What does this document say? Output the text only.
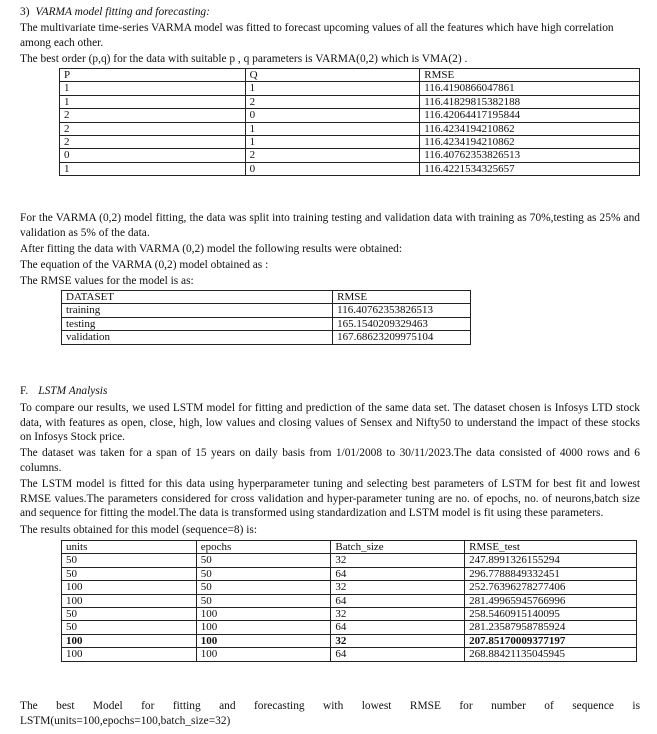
3) VARMA model fitting and forecasting:
The multivariate time-series VARMA model was fitted to forecast upcoming values of all the features which have high correlation among each other.
The best order (p,q) for the data with suitable p , q parameters is VARMA(0,2) which is VMA(2) .
P	Q	RMSE
1	1	116.4190866047861
1	2	116.41829815382188
2	0	116.42064417195844
2	1	116.4234194210862
2	1	116.4234194210862
0	2	116.40762353826513
1	0	116.4221534325657
For the VARMA (0,2) model fitting, the data was split into training testing and validation data with training as 70%,testing as 25% and validation as 5% of the data.
After fitting the data with VARMA (0,2) model the following results were obtained:
The equation of the VARMA (0,2) model obtained as :
The RMSE values for the model is as:
DATASET	RMSE
training	116.40762353826513
testing	165.1540209329463
validation	167.68623209975104
F. LSTM Analysis
To compare our results, we used LSTM model for fitting and prediction of the same data set. The dataset chosen is Infosys LTD stock data, with features as open, close, high, low values and closing values of Sensex and Nifty50 to understand the impact of these stocks on Infosys Stock price.
The dataset was taken for a span of 15 years on daily basis from 1/01/2008 to 30/11/2023.The data consisted of 4000 rows and 6 columns.
The LSTM model is fitted for this data using hyperparameter tuning and selecting best parameters of LSTM for best fit and lowest RMSE values.The parameters considered for cross validation and hyper-parameter tuning are no. of epochs, no. of neurons,batch size and sequence for fitting the model.The data is transformed using standardization and LSTM model is fit using these parameters.
The results obtained for this model (sequence=8) is:
units	epochs	Batch_size	RMSE_test
50	50	32	247.8991326155294
50	50	64	296.7788849332451
100	50	32	252.76396278277406
100	50	64	281.49965945766996
50	100	32	258.5460915140095
50	100	64	281.23587958785924
100	100	32	207.85170009377197
100	100	64	268.88421135045945
The best Model for fitting and forecasting with lowest RMSE for number of sequence is
LSTM(units=100,epochs=100,batch_size=32)
